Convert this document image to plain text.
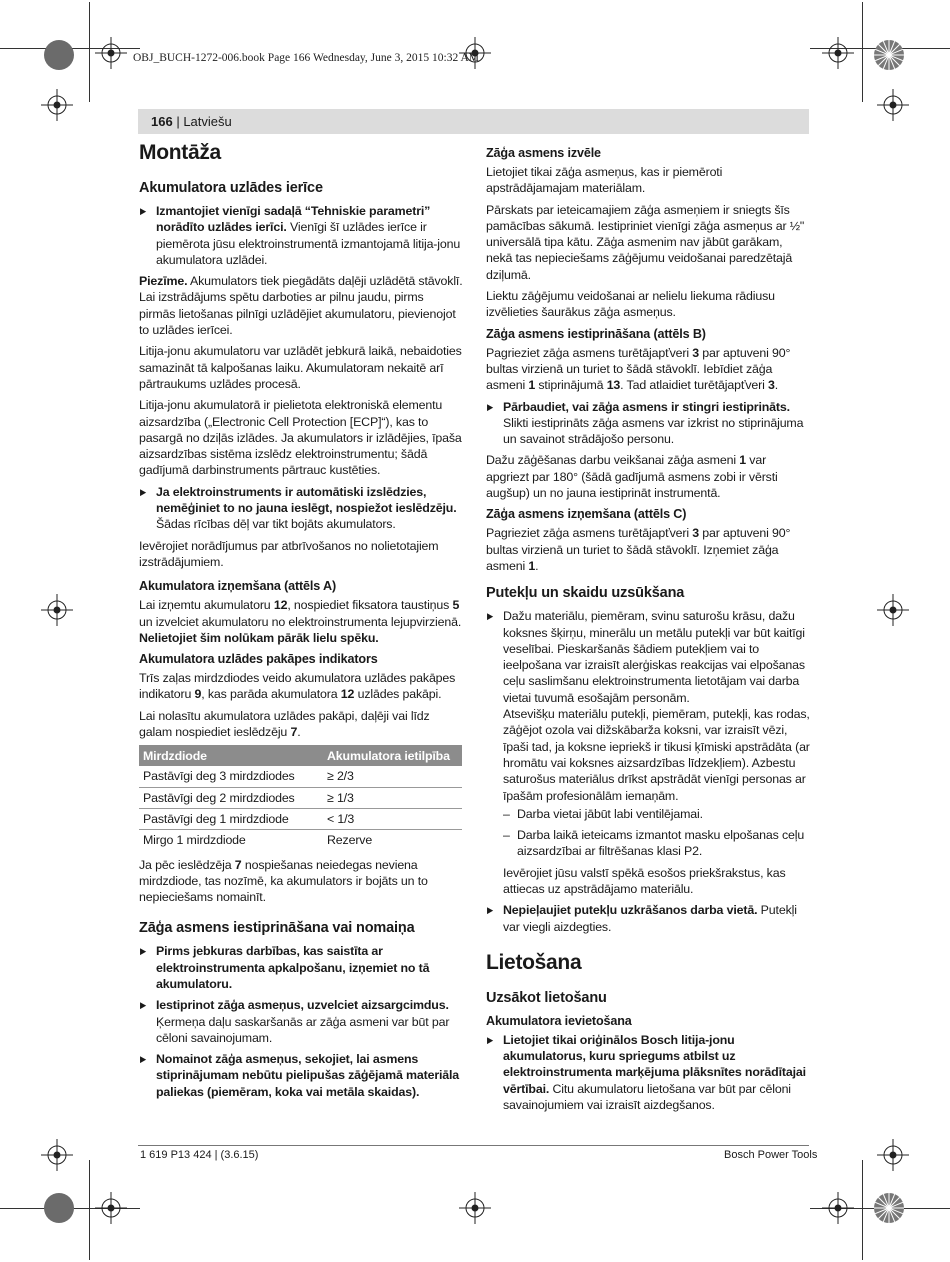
OBJ_BUCH-1272-006.book Page 166 Wednesday, June 3, 2015 10:32 AM
166 | Latviešu
Montāža
Akumulatora uzlādes ierīce

▶ Izmantojiet vienīgi sadaļā “Tehniskie parametri” norādīto uzlādes ierīci. Vienīgi šī uzlādes ierīce ir piemērota jūsu elektroinstrumentā izmantojamā litija-jonu akumulatora uzlādei.

Piezīme. Akumulators tiek piegādāts daļēji uzlādētā stāvoklī. Lai izstrādājums spētu darboties ar pilnu jaudu, pirms pirmās lietošanas pilnīgi uzlādējiet akumulatoru, pievienojot to uzlādes ierīcei.

Litija-jonu akumulatoru var uzlādēt jebkurā laikā, nebaidoties samazināt tā kalpošanas laiku. Akumulatoram nekaitē arī pārtraukums uzlādes procesā.

Litija-jonu akumulatorā ir pielietota elektroniskā elementu aizsardzība („Electronic Cell Protection [ECP]“), kas to pasargā no dziļās izlādes. Ja akumulators ir izlādējies, īpaša aizsardzības sistēma izslēdz elektroinstrumentu; šādā gadījumā darbinstruments pārtrauc kustēties.

▶ Ja elektroinstruments ir automātiski izslēdzies, nemēģiniet to no jauna ieslēgt, nospiežot ieslēdzēju. Šādas rīcības dēļ var tikt bojāts akumulators.

Ievērojiet norādījumus par atbrīvošanos no nolietotajiem izstrādājumiem.

Akumulatora izņemšana (attēls A)

Lai izņemtu akumulatoru 12, nospiediet fiksatora taustiņus 5 un izvelciet akumulatoru no elektroinstrumenta lejupvirzienā. Nelietojiet šim nolūkam pārāk lielu spēku.

Akumulatora uzlādes pakāpes indikators

Trīs zaļas mirdzdiodes veido akumulatora uzlādes pakāpes indikatoru 9, kas parāda akumulatora 12 uzlādes pakāpi.

Lai nolasītu akumulatora uzlādes pakāpi, daļēji vai līdz galam nospiediet ieslēdzēju 7.

Mirdzdiode	Akumulatora ietilpība
Pastāvīgi deg 3 mirdzdiodes	≥ 2/3
Pastāvīgi deg 2 mirdzdiodes	≥ 1/3
Pastāvīgi deg 1 mirdzdiode	< 1/3
Mirgo 1 mirdzdiode	Rezerve

Ja pēc ieslēdzēja 7 nospiešanas neiedegas neviena mirdzdiode, tas nozīmē, ka akumulators ir bojāts un to nepieciešams nomainīt.

Zāģa asmens iestiprināšana vai nomaiņa

▶ Pirms jebkuras darbības, kas saistīta ar elektroinstrumenta apkalpošanu, izņemiet no tā akumulatoru.

▶ Iestiprinot zāģa asmeņus, uzvelciet aizsargcimdus. Ķermeņa daļu saskaršanās ar zāģa asmeni var būt par cēloni savainojumam.

▶ Nomainot zāģa asmeņus, sekojiet, lai asmens stiprinājumam nebūtu pielipušas zāģējamā materiāla paliekas (piemēram, koka vai metāla skaidas).

Zāģa asmens izvēle

Lietojiet tikai zāģa asmeņus, kas ir piemēroti apstrādājamajam materiālam.

Pārskats par ieteicamajiem zāģa asmeņiem ir sniegts šīs pamācības sākumā. Iestipriniet vienīgi zāģa asmeņus ar ½" universālā tipa kātu. Zāģa asmenim nav jābūt garākam, nekā tas nepieciešams zāģējumu veidošanai paredzētajā dziļumā.

Liektu zāģējumu veidošanai ar nelielu liekuma rādiusu izvēlieties šaurākus zāģa asmeņus.

Zāģa asmens iestiprināšana (attēls B)

Pagrieziet zāģa asmens turētājapťveri 3 par aptuveni 90° bultas virzienā un turiet to šādā stāvoklī. Iebīdiet zāģa asmeni 1 stiprinājumā 13. Tad atlaidiet turētājapťveri 3.

▶ Pārbaudiet, vai zāģa asmens ir stingri iestiprināts. Slikti iestiprināts zāģa asmens var izkrist no stiprinājuma un savainot strādājošo personu.

Dažu zāģēšanas darbu veikšanai zāģa asmeni 1 var apgriezt par 180° (šādā gadījumā asmens zobi ir vērsti augšup) un no jauna iestiprināt instrumentā.

Zāģa asmens izņemšana (attēls C)

Pagrieziet zāģa asmens turētājapťveri 3 par aptuveni 90° bultas virzienā un turiet to šādā stāvoklī. Izņemiet zāģa asmeni 1.

Putekļu un skaidu uzsūkšana

▶ Dažu materiālu, piemēram, svinu saturošu krāsu, dažu koksnes šķirņu, minerālu un metālu putekļi var būt kaitīgi veselībai. Pieskaršanās šādiem putekļiem vai to ieelpošana var izraisīt alerģiskas reakcijas vai elpošanas ceļu saslimšanu elektroinstrumenta lietotājam vai darba vietai tuvumā esošajām personām.

Atsevišķu materiālu putekļi, piemēram, putekļi, kas rodas, zāģējot ozola vai dižskābarža koksni, var izraisīt vēzi, īpaši tad, ja koksne iepriekš ir tikusi ķīmiski apstrādāta (ar hromātu vai koksnes aizsardzības līdzekļiem). Azbestu saturošus materiālus drīkst apstrādāt vienīgi personas ar īpašām profesionālām iemaņām.

– Darba vietai jābūt labi ventilējamai.

– Darba laikā ieteicams izmantot masku elpošanas ceļu aizsardzībai ar filtrēšanas klasi P2.

Ievērojiet jūsu valstī spēkā esošos priekšrakstus, kas attiecas uz apstrādājamo materiālu.

▶ Nepieļaujiet putekļu uzkrāšanos darba vietā. Putekļi var viegli aizdegties.

Lietošana
Uzsākot lietošanu
Akumulatora ievietošana

▶ Lietojiet tikai oriģinālos Bosch litija-jonu akumulatorus, kuru spriegums atbilst uz elektroinstrumenta marķējuma plāksnītes norādītajai vērtībai. Citu akumulatoru lietošana var būt par cēloni savainojumiem vai izraisīt aizdegšanos.

1 619 P13 424 | (3.6.15)	Bosch Power Tools
